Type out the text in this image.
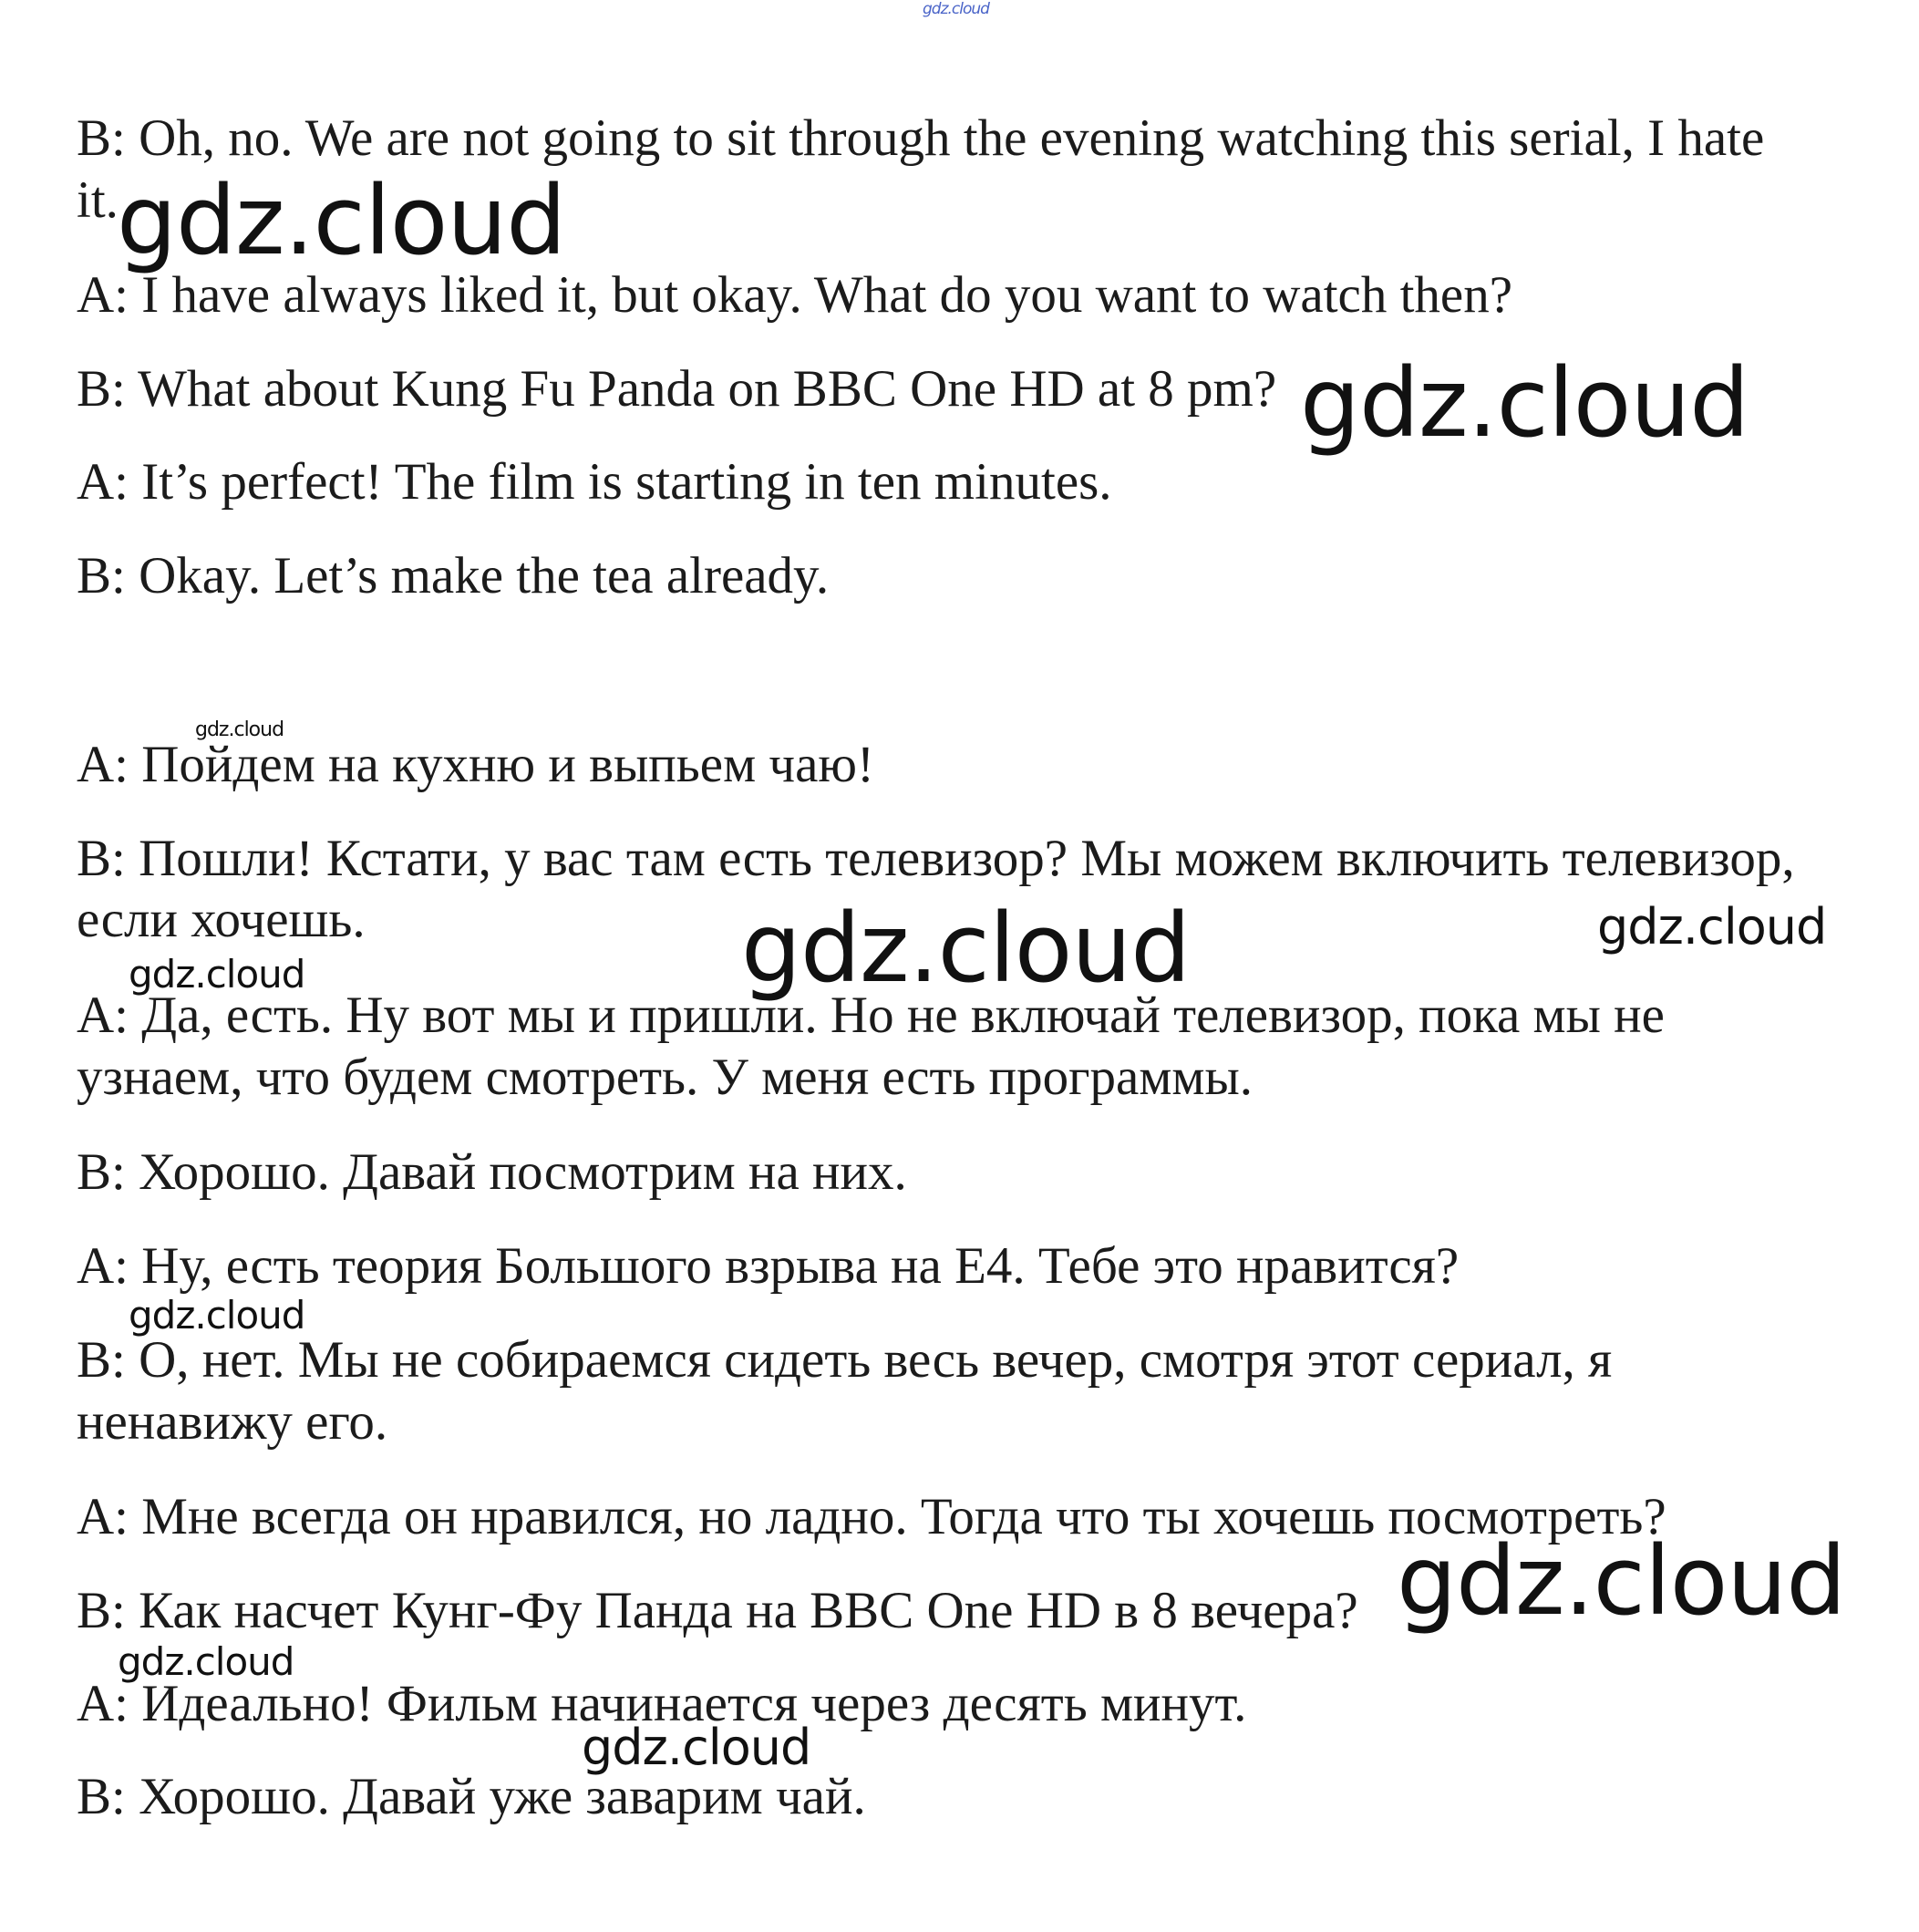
gdz.cloud

B: Oh, no. We are not going to sit through the evening watching this serial, I hate

it.

A: I have always liked it, but okay. What do you want to watch then?

B: What about Kung Fu Panda on BBC One HD at 8 pm?

A: It’s perfect! The film is starting in ten minutes.

B: Okay. Let’s make the tea already.

A: Пойдем на кухню и выпьем чаю!

B: Пошли! Кстати, у вас там есть телевизор? Мы можем включить телевизор,

если хочешь.

A: Да, есть. Ну вот мы и пришли. Но не включай телевизор, пока мы не

узнаем, что будем смотреть. У меня есть программы.

B: Хорошо. Давай посмотрим на них.

A: Ну, есть теория Большого взрыва на Е4. Тебе это нравится?

B: О, нет. Мы не собираемся сидеть весь вечер, смотря этот сериал, я

ненавижу его.

A: Мне всегда он нравился, но ладно. Тогда что ты хочешь посмотреть?

B: Как насчет Кунг-Фу Панда на BBC One HD в 8 вечера?

A: Идеально! Фильм начинается через десять минут.

B: Хорошо. Давай уже заварим чай.

gdz.cloud
gdz.cloud
gdz.cloud
gdz.cloud	gdz.cloud
gdz.cloud
gdz.cloud
gdz.cloud
gdz.cloud
gdz.cloud
